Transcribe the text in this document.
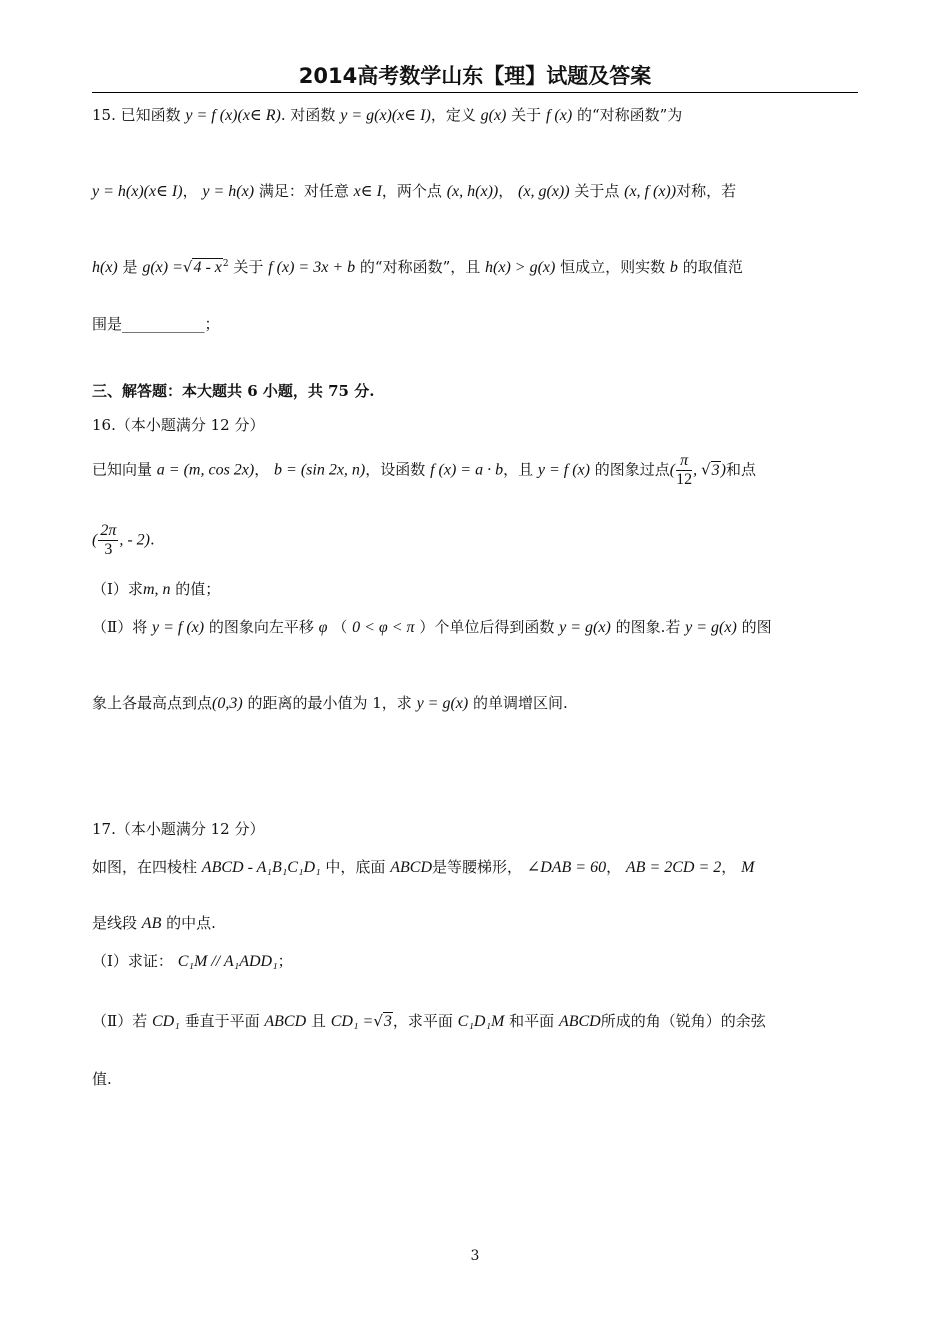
2014高考数学山东【理】试题及答案
15. 已知函数 y = f (x)(x∈ R). 对函数 y = g(x)(x∈ I)，定义 g(x) 关于 f (x) 的“对称函数”为
y = h(x)(x∈ I)， y = h(x) 满足：对任意 x∈ I，两个点 (x, h(x))， (x, g(x)) 关于点 (x, f (x))对称，若
h(x) 是 $g(x) =√4 - x^2$ 关于 f (x) = 3x + b 的“对称函数”，且 h(x) > g(x) 恒成立，则实数 b 的取值范
围是___________；
三、解答题：本大题共 6 小题，共 75 分.
16.（本小题满分 12 分）
已知向量 a = (m, cos 2x)， b = (sin 2x, n)，设函数 f (x) = a · b，且 y = f (x) 的图象过点( $\frac{\pi}{12}$ , √3)和点
( $\frac{2\pi}{3}$ , - 2).
（Ⅰ）求m, n 的值；
（Ⅱ）将 y = f (x) 的图象向左平移 φ （ 0 < φ < π ）个单位后得到函数 y = g(x) 的图象.若 y = g(x) 的图
象上各最高点到点(0,3) 的距离的最小值为 1，求 y = g(x) 的单调增区间.
17.（本小题满分 12 分）
如图，在四棱柱 ABCD - A₁B₁C₁D₁ 中，底面 ABCD是等腰梯形， ∠DAB = 60， AB = 2CD = 2， M
是线段 AB 的中点.
（Ⅰ）求证： C₁M // A₁ADD₁；
（Ⅱ）若 CD₁ 垂直于平面 ABCD 且 CD₁ =√3，求平面 C₁D₁M 和平面 ABCD所成的角（锐角）的余弦
值.
3
